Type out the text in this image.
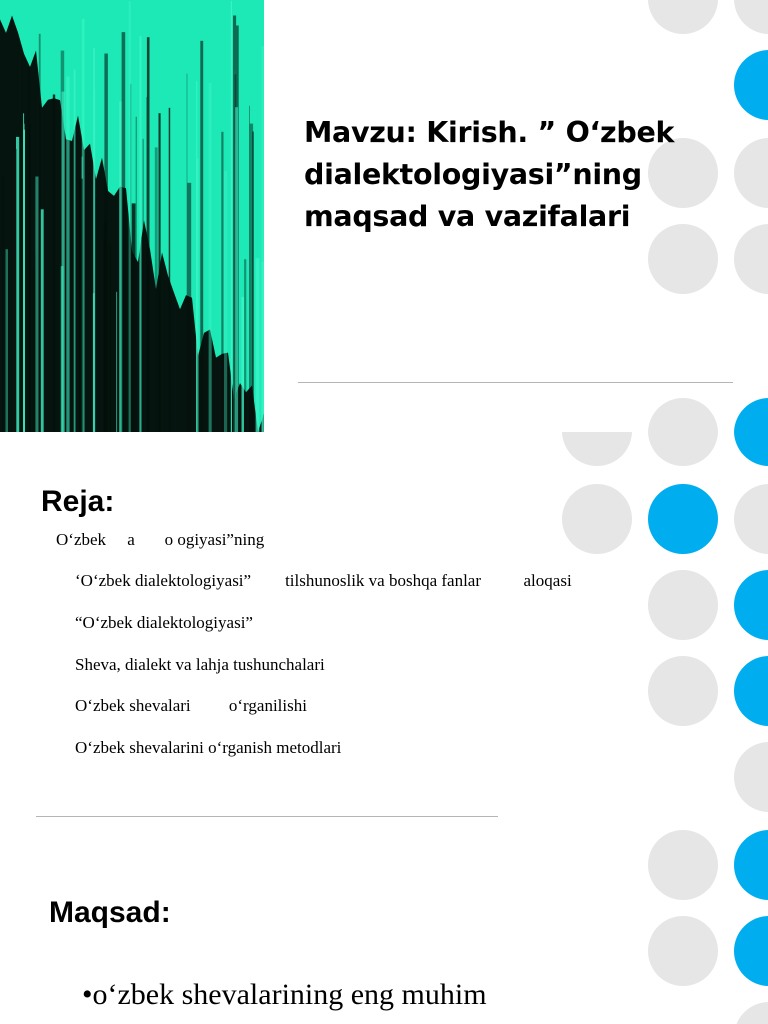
Mavzu: Kirish. ” O‘zbek
dialektologiyasi”ning
maqsad va vazifalari
Reja:
O‘zbek     a       o ogiyasi”ning
‘O‘zbek dialektologiyasi”        tilshunoslik va boshqa fanlar          aloqasi
“O‘zbek dialektologiyasi”
Sheva, dialekt va lahja tushunchalari
O‘zbek shevalari         o‘rganilishi
O‘zbek shevalarini o‘rganish metodlari
Maqsad:
•o‘zbek shevalarining eng muhim
